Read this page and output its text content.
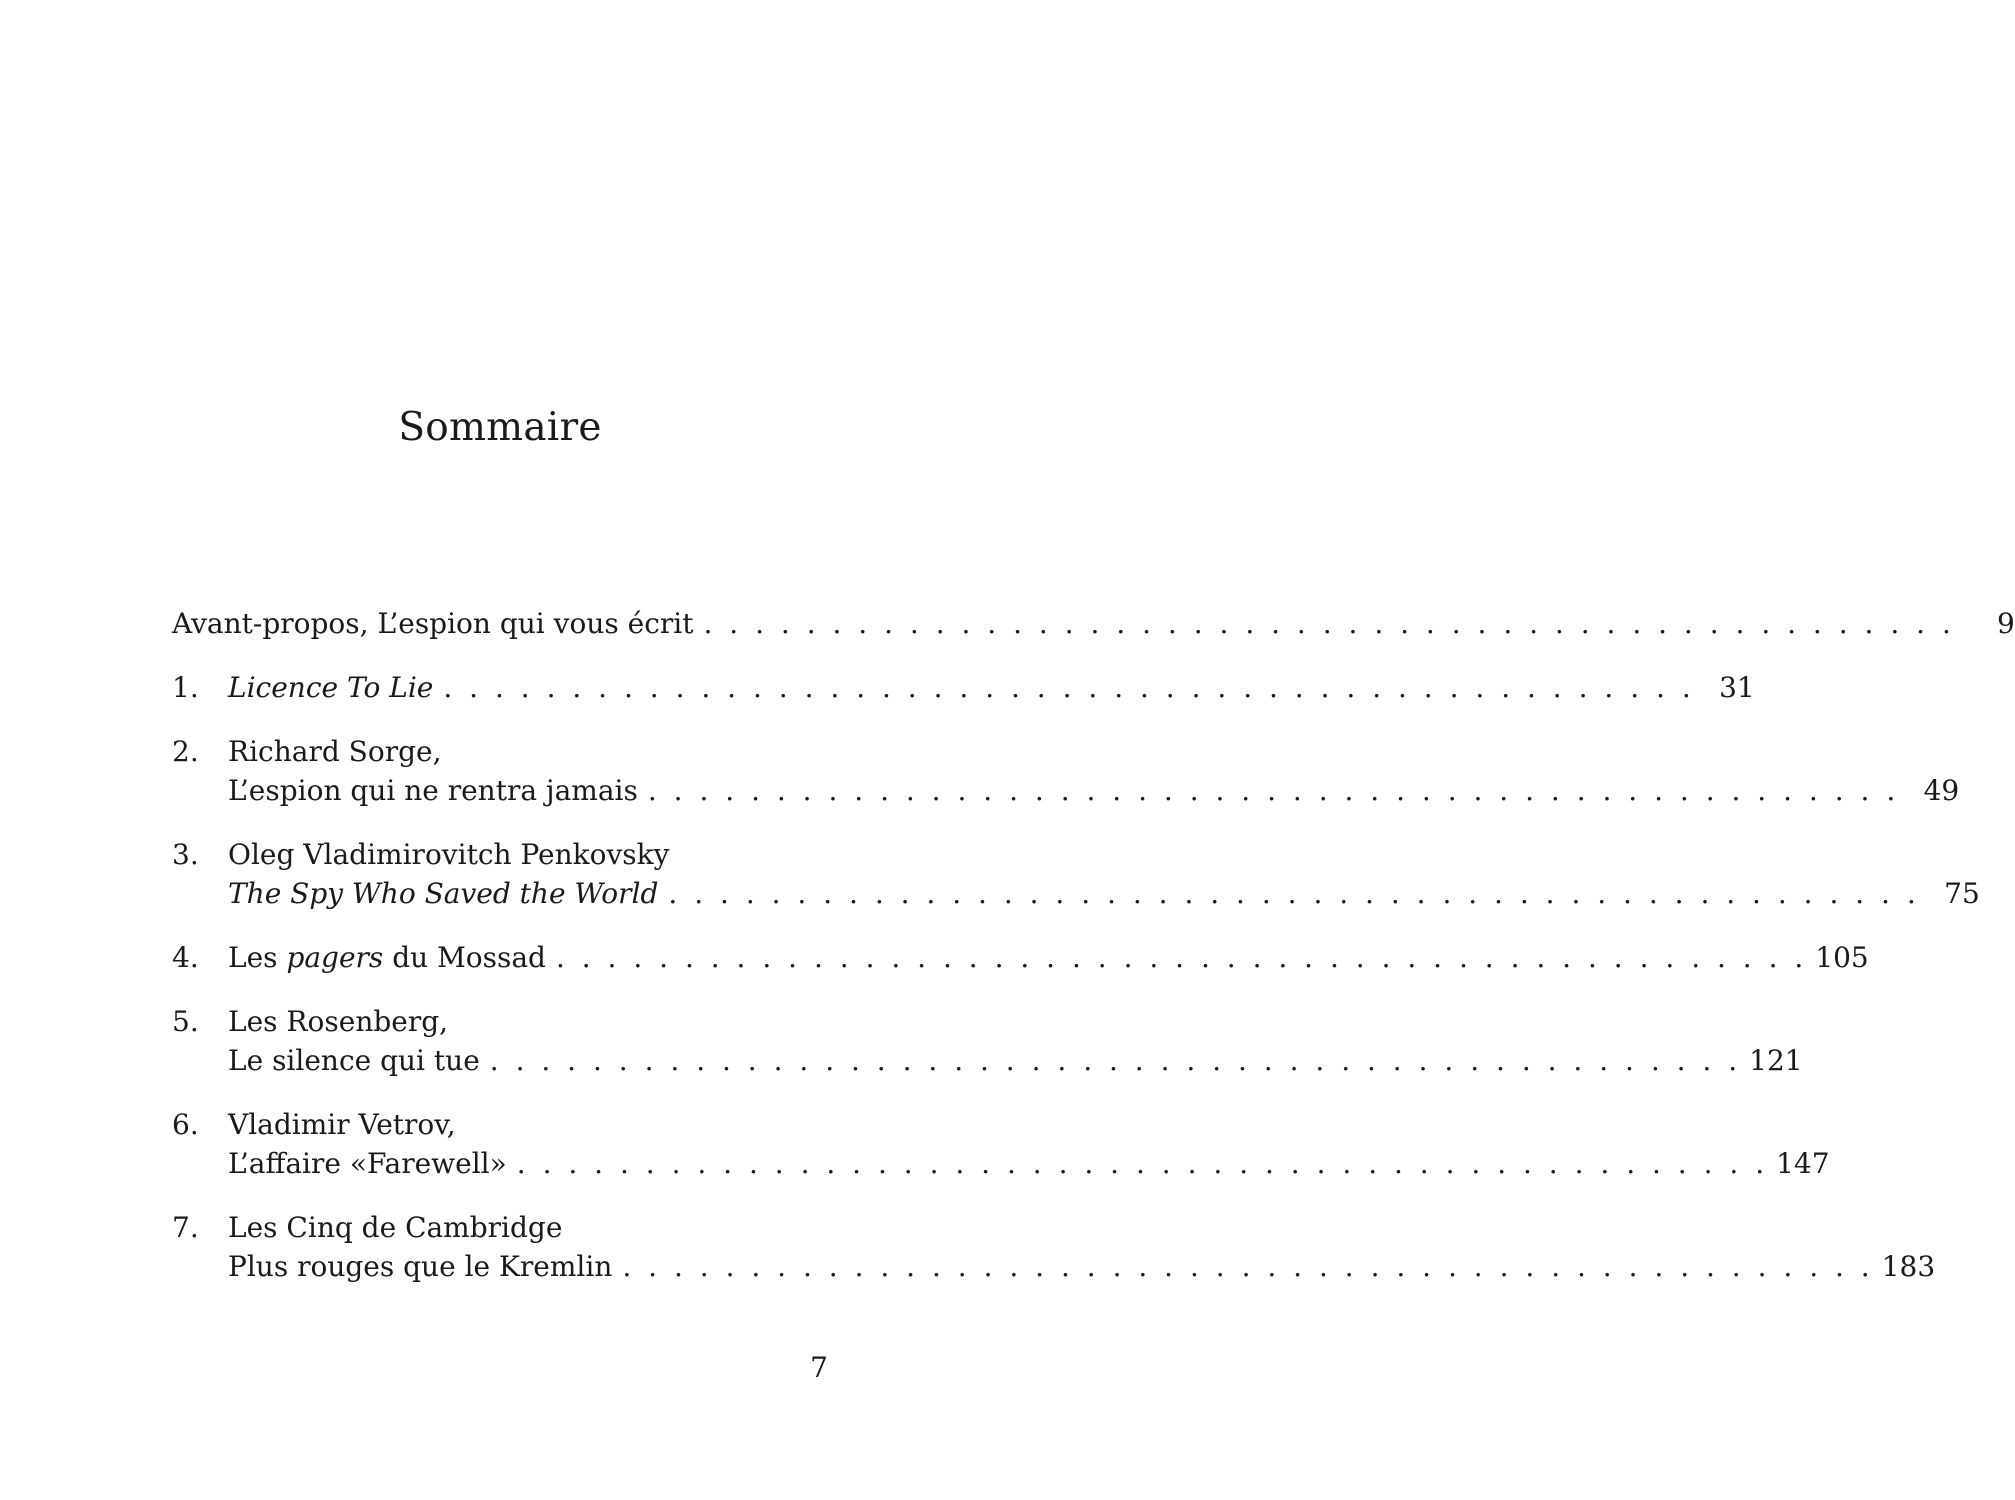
Sommaire
Avant-propos, L’espion qui vous écrit . . . . . . . . . . . . . . . . . . . . . . . . . . . . . . . . . . . . . . . . . . . . . . . . .	9
1. Licence To Lie . . . . . . . . . . . . . . . . . . . . . . . . . . . . . . . . . . . . . . . . . . . . . . . . . 31
2. Richard Sorge,
L’espion qui ne rentra jamais . . . . . . . . . . . . . . . . . . . . . . . . . . . . . . . . . . . . . . . . . . . . . . . . . 49
3. Oleg Vladimirovitch Penkovsky
The Spy Who Saved the World . . . . . . . . . . . . . . . . . . . . . . . . . . . . . . . . . . . . . . . . . . . . . . . . . 75
4. Les pagers du Mossad . . . . . . . . . . . . . . . . . . . . . . . . . . . . . . . . . . . . . . . . . . . . . . . . . 105
5. Les Rosenberg,
Le silence qui tue . . . . . . . . . . . . . . . . . . . . . . . . . . . . . . . . . . . . . . . . . . . . . . . . . 121
6. Vladimir Vetrov,
L’affaire «Farewell» . . . . . . . . . . . . . . . . . . . . . . . . . . . . . . . . . . . . . . . . . . . . . . . . . 147
7. Les Cinq de Cambridge
Plus rouges que le Kremlin . . . . . . . . . . . . . . . . . . . . . . . . . . . . . . . . . . . . . . . . . . . . . . . . . 183
7
